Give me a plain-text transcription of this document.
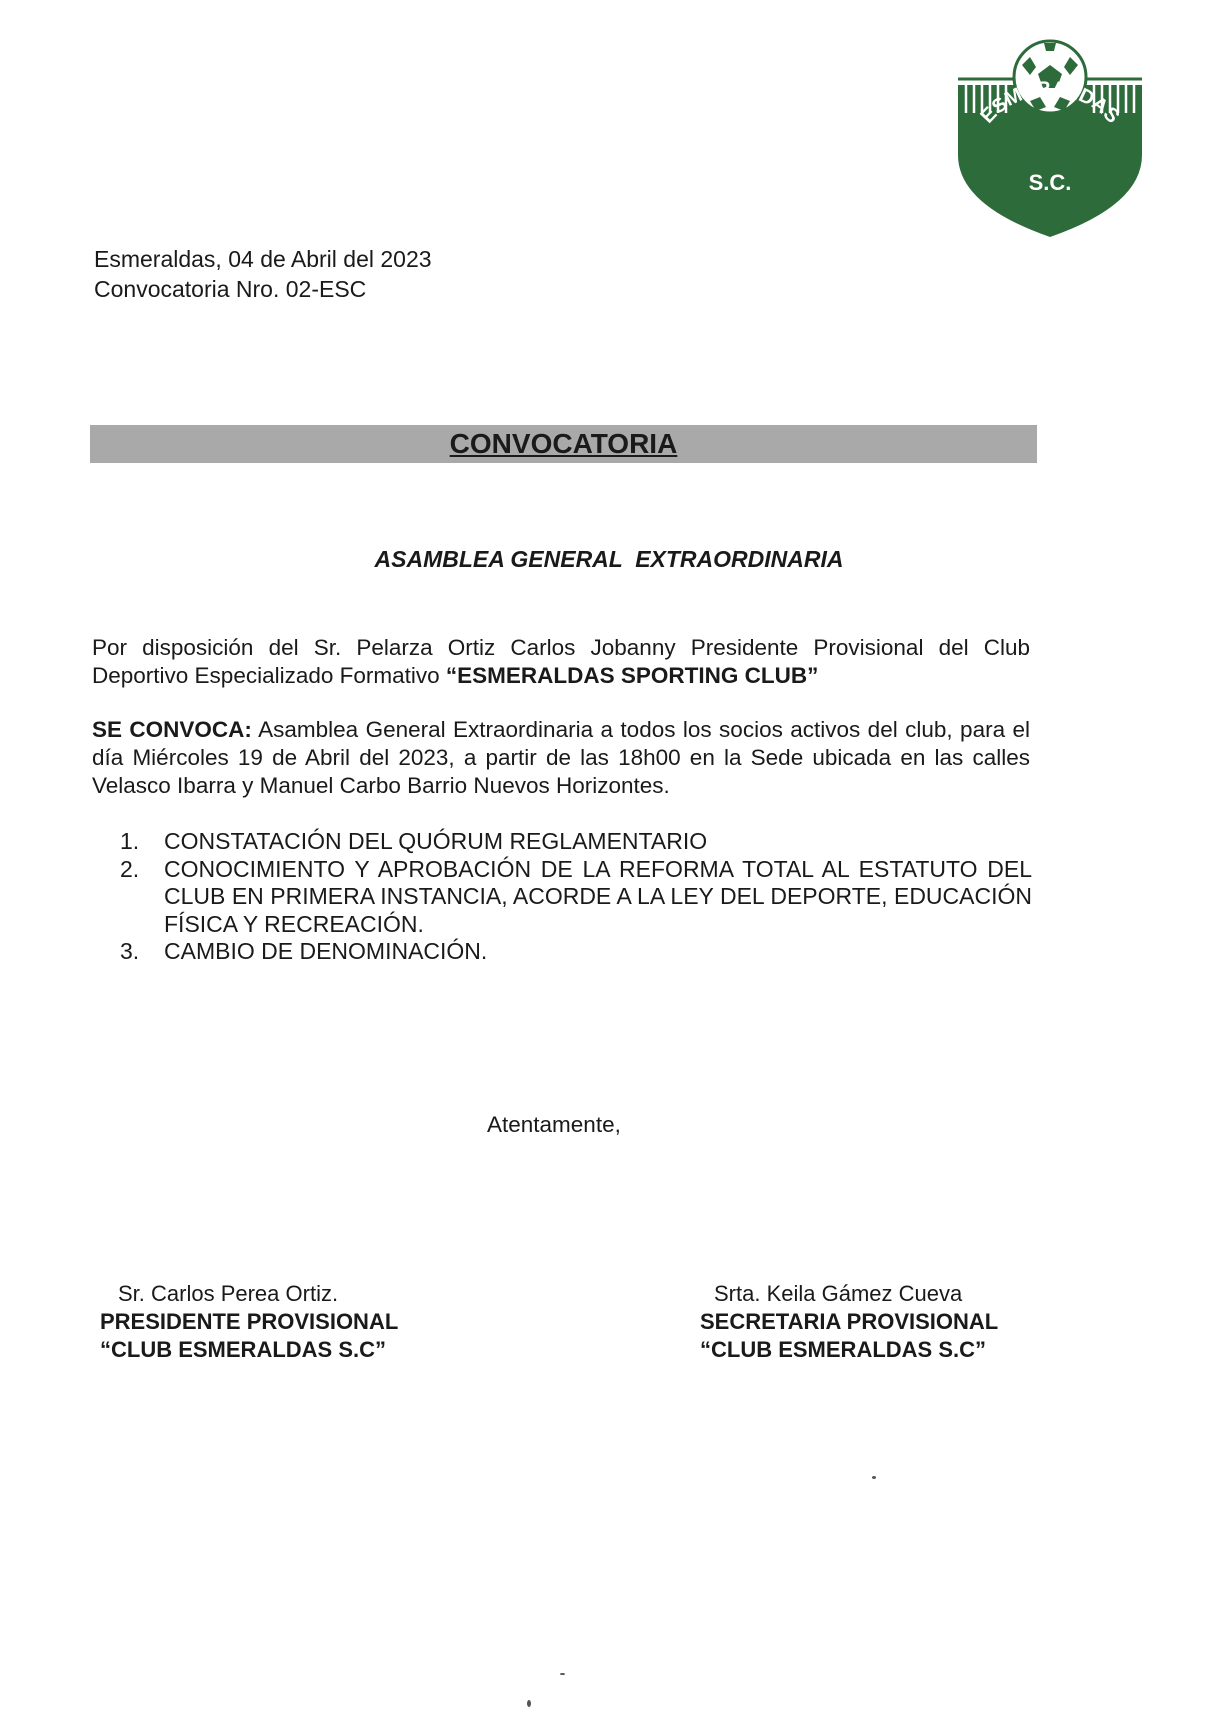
ESMERALDAS
S.C.
Esmeraldas, 04 de Abril del 2023
Convocatoria Nro. 02-ESC
CONVOCATORIA
ASAMBLEA GENERAL  EXTRAORDINARIA
Por disposición del Sr. Pelarza Ortiz Carlos Jobanny Presidente Provisional del Club Deportivo Especializado Formativo “ESMERALDAS SPORTING CLUB”
SE CONVOCA: Asamblea General Extraordinaria a todos los socios activos del club, para el día Miércoles 19 de Abril del 2023, a partir de las 18h00 en la Sede ubicada en las calles Velasco Ibarra y Manuel Carbo Barrio Nuevos Horizontes.
1.	CONSTATACIÓN DEL QUÓRUM REGLAMENTARIO
2.	CONOCIMIENTO Y APROBACIÓN DE LA REFORMA TOTAL AL ESTATUTO DEL CLUB EN PRIMERA INSTANCIA, ACORDE A LA LEY DEL DEPORTE, EDUCACIÓN FÍSICA Y RECREACIÓN.
3.	CAMBIO DE DENOMINACIÓN.
Atentamente,
Sr. Carlos Perea Ortiz.
PRESIDENTE PROVISIONAL
“CLUB ESMERALDAS S.C”
Srta. Keila Gámez Cueva
SECRETARIA PROVISIONAL
“CLUB ESMERALDAS S.C”
